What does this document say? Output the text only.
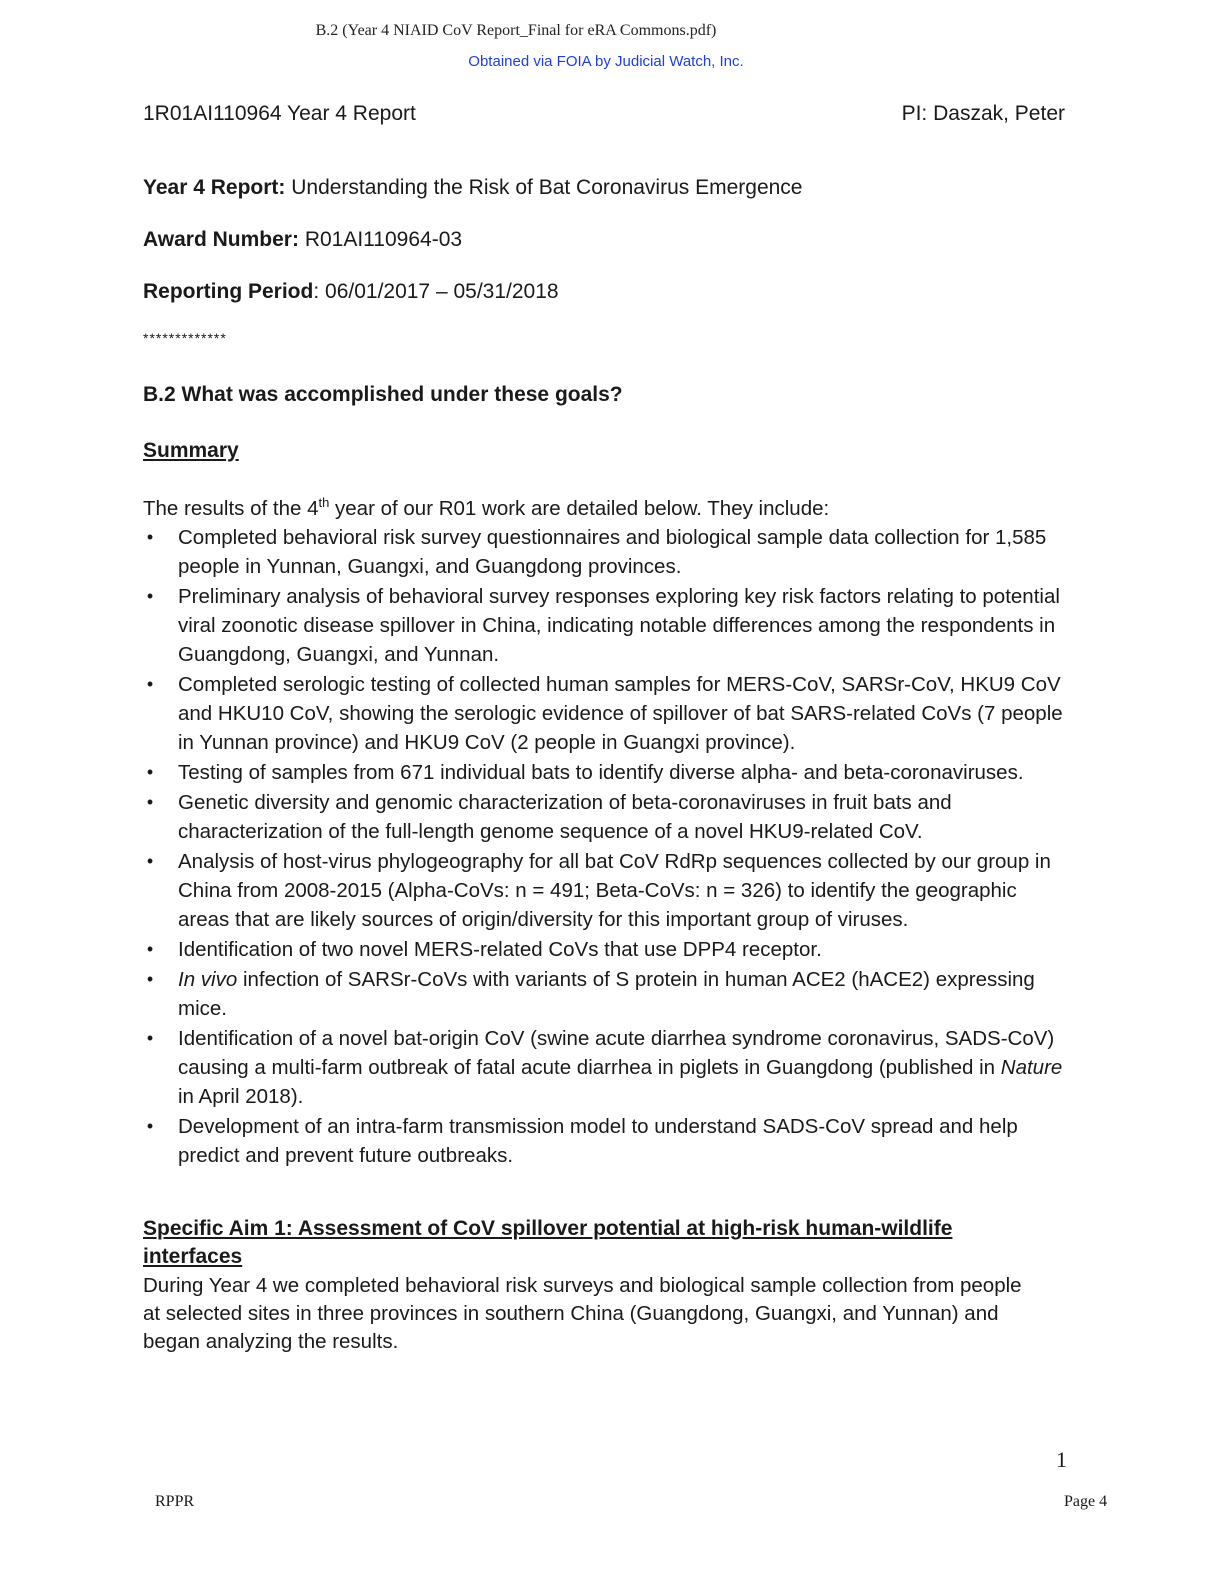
B.2 (Year 4 NIAID CoV Report_Final for eRA Commons.pdf)
Obtained via FOIA by Judicial Watch, Inc.
1R01AI110964 Year 4 Report	PI: Daszak, Peter
Year 4 Report: Understanding the Risk of Bat Coronavirus Emergence
Award Number: R01AI110964-03
Reporting Period: 06/01/2017 – 05/31/2018
*************
B.2 What was accomplished under these goals?
Summary
The results of the 4th year of our R01 work are detailed below. They include:
• Completed behavioral risk survey questionnaires and biological sample data collection for 1,585 people in Yunnan, Guangxi, and Guangdong provinces.
• Preliminary analysis of behavioral survey responses exploring key risk factors relating to potential viral zoonotic disease spillover in China, indicating notable differences among the respondents in Guangdong, Guangxi, and Yunnan.
• Completed serologic testing of collected human samples for MERS-CoV, SARSr-CoV, HKU9 CoV and HKU10 CoV, showing the serologic evidence of spillover of bat SARS-related CoVs (7 people in Yunnan province) and HKU9 CoV (2 people in Guangxi province).
• Testing of samples from 671 individual bats to identify diverse alpha- and beta-coronaviruses.
• Genetic diversity and genomic characterization of beta-coronaviruses in fruit bats and characterization of the full-length genome sequence of a novel HKU9-related CoV.
• Analysis of host-virus phylogeography for all bat CoV RdRp sequences collected by our group in China from 2008-2015 (Alpha-CoVs: n = 491; Beta-CoVs: n = 326) to identify the geographic areas that are likely sources of origin/diversity for this important group of viruses.
• Identification of two novel MERS-related CoVs that use DPP4 receptor.
• In vivo infection of SARSr-CoVs with variants of S protein in human ACE2 (hACE2) expressing mice.
• Identification of a novel bat-origin CoV (swine acute diarrhea syndrome coronavirus, SADS-CoV) causing a multi-farm outbreak of fatal acute diarrhea in piglets in Guangdong (published in Nature in April 2018).
• Development of an intra-farm transmission model to understand SADS-CoV spread and help predict and prevent future outbreaks.
Specific Aim 1: Assessment of CoV spillover potential at high-risk human-wildlife interfaces
During Year 4 we completed behavioral risk surveys and biological sample collection from people at selected sites in three provinces in southern China (Guangdong, Guangxi, and Yunnan) and began analyzing the results.
1
RPPR	Page 4
